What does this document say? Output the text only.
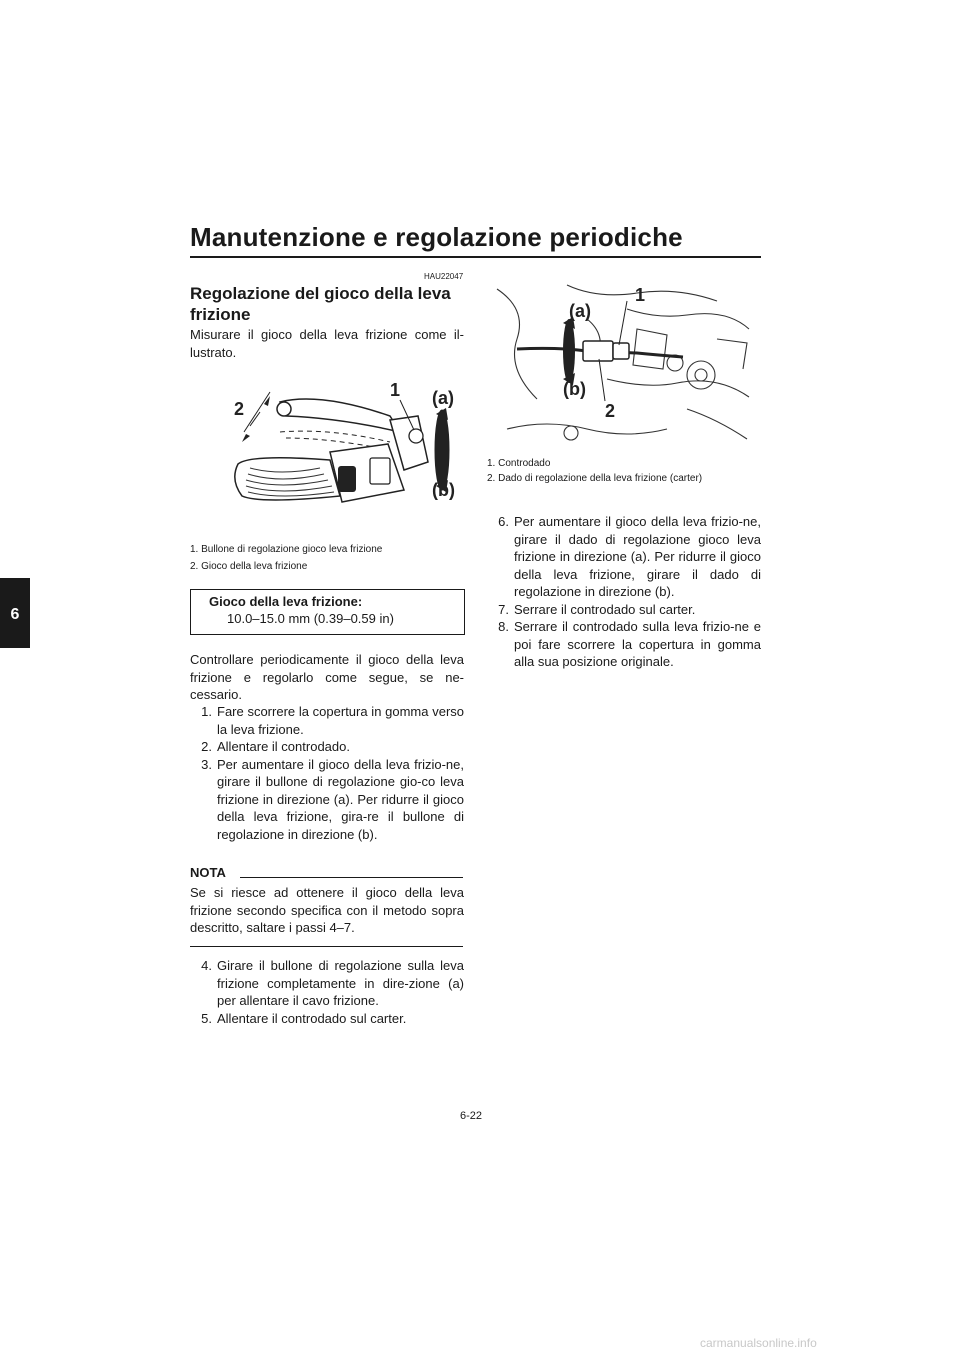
Manutenzione e regolazione periodiche
6
HAU22047
Regolazione del gioco della leva frizione
Misurare il gioco della leva frizione come il-lustrato.
2
1 (a)
(b)
1. Bullone di regolazione gioco leva frizione
2. Gioco della leva frizione
Gioco della leva frizione:
10.0–15.0 mm (0.39–0.59 in)
Controllare periodicamente il gioco della leva frizione e regolarlo come segue, se ne-cessario.
1. Fare scorrere la copertura in gomma verso la leva frizione.
2. Allentare il controdado.
3. Per aumentare il gioco della leva frizio-ne, girare il bullone di regolazione gio-co leva frizione in direzione (a). Per ridurre il gioco della leva frizione, gira-re il bullone di regolazione in direzione (b).
NOTA
Se si riesce ad ottenere il gioco della leva frizione secondo specifica con il metodo sopra descritto, saltare i passi 4–7.
4. Girare il bullone di regolazione sulla leva frizione completamente in dire-zione (a) per allentare il cavo frizione.
5. Allentare il controdado sul carter.
(a)
1
(b)
2
1. Controdado
2. Dado di regolazione della leva frizione (carter)
6. Per aumentare il gioco della leva frizio-ne, girare il dado di regolazione gioco leva frizione in direzione (a). Per ridurre il gioco della leva frizione, girare il dado di regolazione in direzione (b).
7. Serrare il controdado sul carter.
8. Serrare il controdado sulla leva frizio-ne e poi fare scorrere la copertura in gomma alla sua posizione originale.
6-22
carmanualsonline.info
